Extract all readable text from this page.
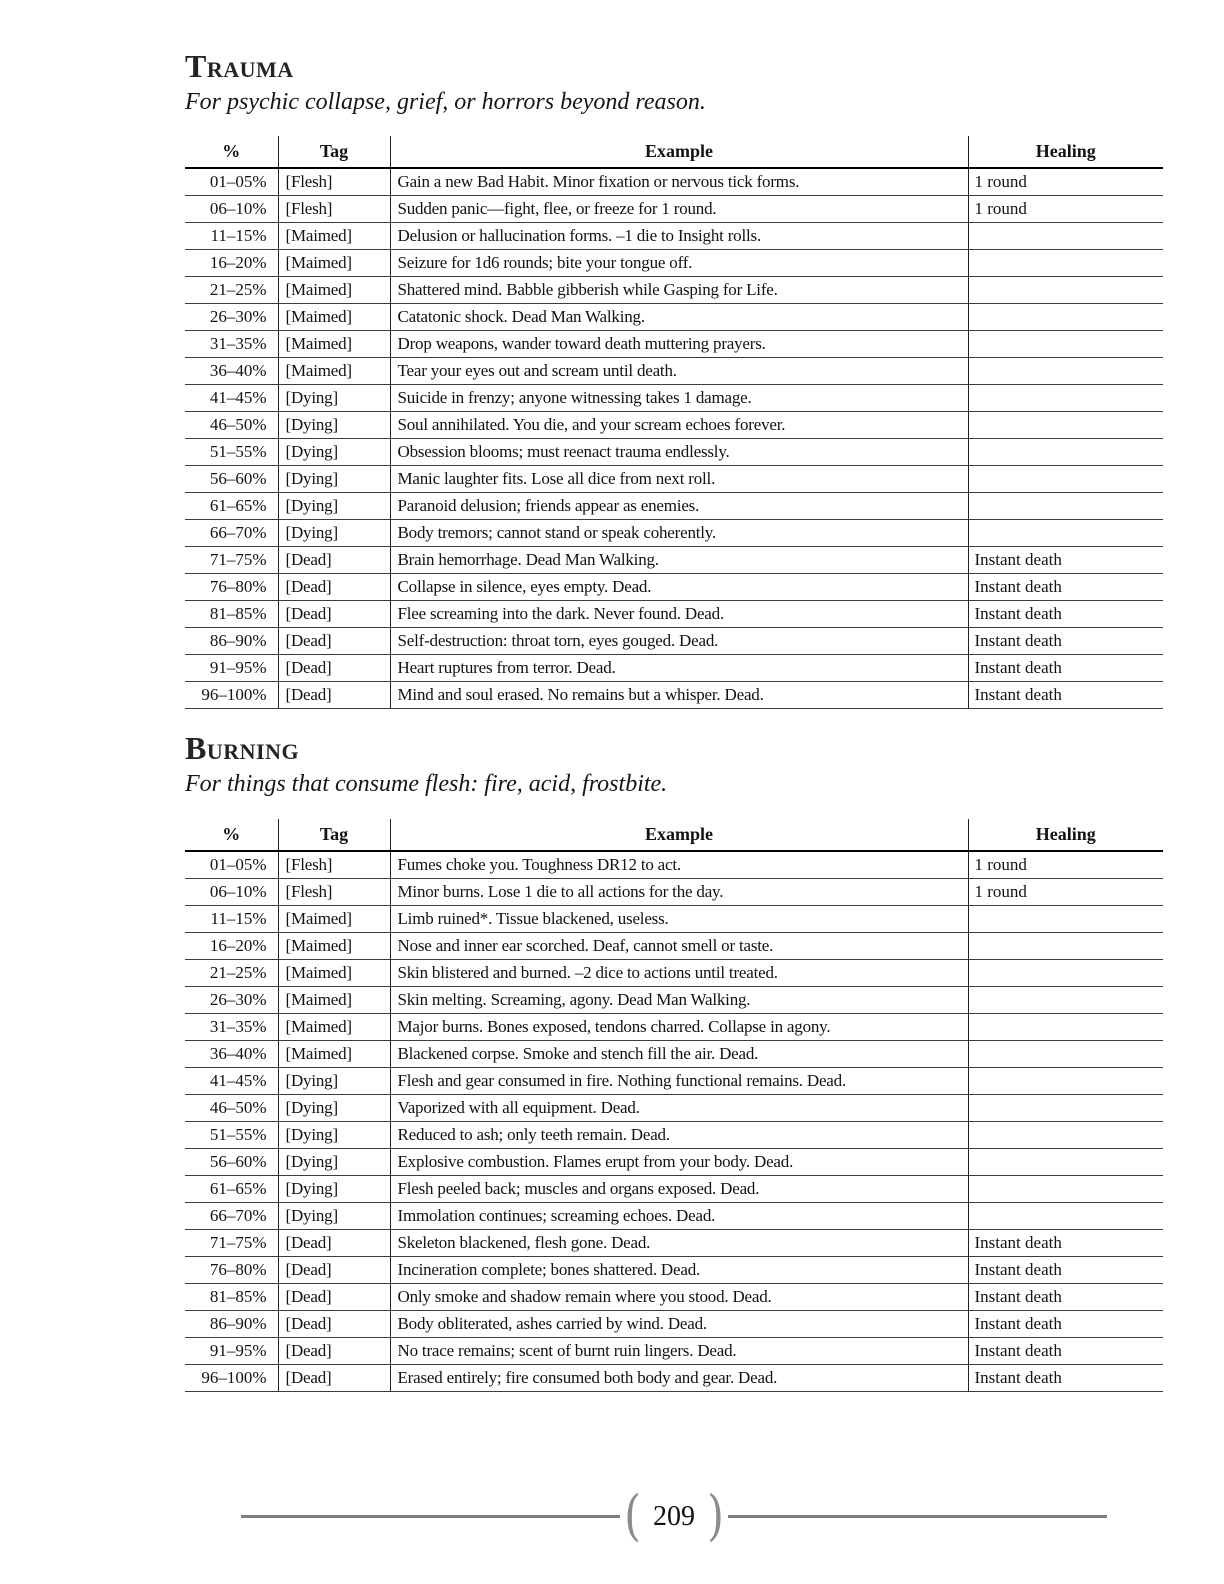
Trauma

For psychic collapse, grief, or horrors beyond reason.

%	Tag	Example	Healing
01–05%	[Flesh]	Gain a new Bad Habit. Minor fixation or nervous tick forms.	1 round
06–10%	[Flesh]	Sudden panic—fight, flee, or freeze for 1 round.	1 round
11–15%	[Maimed]	Delusion or hallucination forms. –1 die to Insight rolls.	
16–20%	[Maimed]	Seizure for 1d6 rounds; bite your tongue off.	
21–25%	[Maimed]	Shattered mind. Babble gibberish while Gasping for Life.	
26–30%	[Maimed]	Catatonic shock. Dead Man Walking.	
31–35%	[Maimed]	Drop weapons, wander toward death muttering prayers.	
36–40%	[Maimed]	Tear your eyes out and scream until death.	
41–45%	[Dying]	Suicide in frenzy; anyone witnessing takes 1 damage.	
46–50%	[Dying]	Soul annihilated. You die, and your scream echoes forever.	
51–55%	[Dying]	Obsession blooms; must reenact trauma endlessly.	
56–60%	[Dying]	Manic laughter fits. Lose all dice from next roll.	
61–65%	[Dying]	Paranoid delusion; friends appear as enemies.	
66–70%	[Dying]	Body tremors; cannot stand or speak coherently.	
71–75%	[Dead]	Brain hemorrhage. Dead Man Walking.	Instant death
76–80%	[Dead]	Collapse in silence, eyes empty. Dead.	Instant death
81–85%	[Dead]	Flee screaming into the dark. Never found. Dead.	Instant death
86–90%	[Dead]	Self-destruction: throat torn, eyes gouged. Dead.	Instant death
91–95%	[Dead]	Heart ruptures from terror. Dead.	Instant death
96–100%	[Dead]	Mind and soul erased. No remains but a whisper. Dead.	Instant death
Burning

For things that consume flesh: fire, acid, frostbite.

%	Tag	Example	Healing
01–05%	[Flesh]	Fumes choke you. Toughness DR12 to act.	1 round
06–10%	[Flesh]	Minor burns. Lose 1 die to all actions for the day.	1 round
11–15%	[Maimed]	Limb ruined*. Tissue blackened, useless.	
16–20%	[Maimed]	Nose and inner ear scorched. Deaf, cannot smell or taste.	
21–25%	[Maimed]	Skin blistered and burned. –2 dice to actions until treated.	
26–30%	[Maimed]	Skin melting. Screaming, agony. Dead Man Walking.	
31–35%	[Maimed]	Major burns. Bones exposed, tendons charred. Collapse in agony.	
36–40%	[Maimed]	Blackened corpse. Smoke and stench fill the air. Dead.	
41–45%	[Dying]	Flesh and gear consumed in fire. Nothing functional remains. Dead.	
46–50%	[Dying]	Vaporized with all equipment. Dead.	
51–55%	[Dying]	Reduced to ash; only teeth remain. Dead.	
56–60%	[Dying]	Explosive combustion. Flames erupt from your body. Dead.	
61–65%	[Dying]	Flesh peeled back; muscles and organs exposed. Dead.	
66–70%	[Dying]	Immolation continues; screaming echoes. Dead.	
71–75%	[Dead]	Skeleton blackened, flesh gone. Dead.	Instant death
76–80%	[Dead]	Incineration complete; bones shattered. Dead.	Instant death
81–85%	[Dead]	Only smoke and shadow remain where you stood. Dead.	Instant death
86–90%	[Dead]	Body obliterated, ashes carried by wind. Dead.	Instant death
91–95%	[Dead]	No trace remains; scent of burnt ruin lingers. Dead.	Instant death
96–100%	[Dead]	Erased entirely; fire consumed both body and gear. Dead.	Instant death
( 209 )
